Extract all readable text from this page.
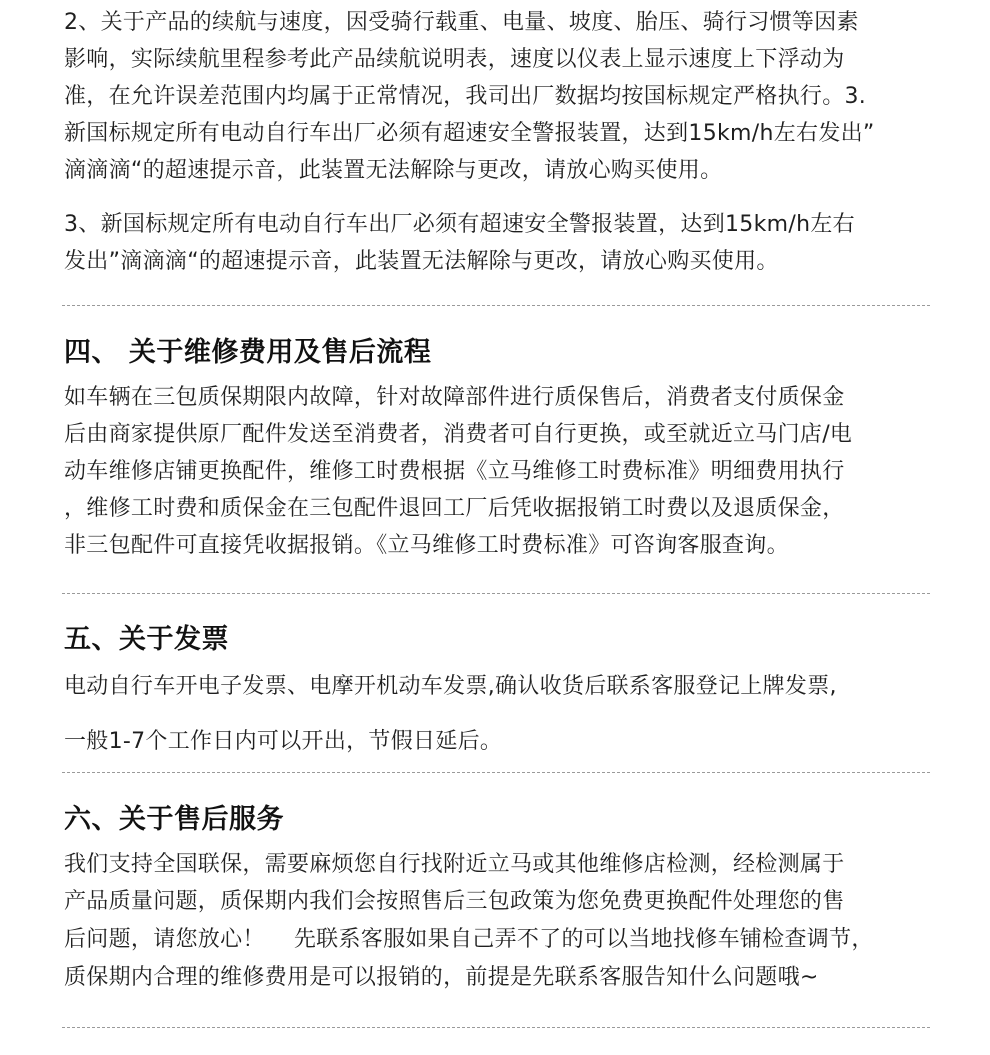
2、关于产品的续航与速度，因受骑行载重、电量、坡度、胎压、骑行习惯等因素
影响，实际续航里程参考此产品续航说明表，速度以仪表上显示速度上下浮动为
准，在允许误差范围内均属于正常情况，我司出厂数据均按国标规定严格执行。3.
新国标规定所有电动自行车出厂必须有超速安全警报装置，达到15km/h左右发出”
滴滴滴“的超速提示音，此装置无法解除与更改，请放心购买使用。
3、新国标规定所有电动自行车出厂必须有超速安全警报装置，达到15km/h左右
发出”滴滴滴“的超速提示音，此装置无法解除与更改，请放心购买使用。
四、 关于维修费用及售后流程
如车辆在三包质保期限内故障，针对故障部件进行质保售后，消费者支付质保金
后由商家提供原厂配件发送至消费者，消费者可自行更换，或至就近立马门店/电
动车维修店铺更换配件，维修工时费根据《立马维修工时费标准》明细费用执行
，维修工时费和质保金在三包配件退回工厂后凭收据报销工时费以及退质保金，
非三包配件可直接凭收据报销。《立马维修工时费标准》可咨询客服查询。
五、关于发票
电动自行车开电子发票、电摩开机动车发票,确认收货后联系客服登记上牌发票,
一般1-7个工作日内可以开出，节假日延后。
六、关于售后服务
我们支持全国联保，需要麻烦您自行找附近立马或其他维修店检测，经检测属于
产品质量问题，质保期内我们会按照售后三包政策为您免费更换配件处理您的售
后问题，请您放心！    先联系客服如果自己弄不了的可以当地找修车铺检查调节，
质保期内合理的维修费用是可以报销的，前提是先联系客服告知什么问题哦~
